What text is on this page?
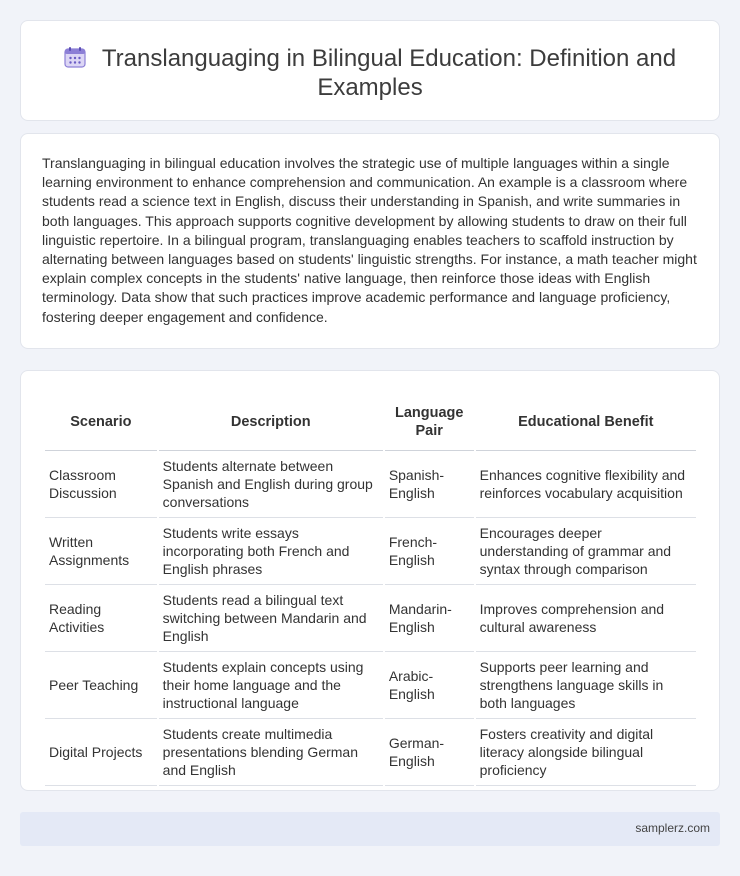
Translanguaging in Bilingual Education: Definition and Examples

Translanguaging in bilingual education involves the strategic use of multiple languages within a single learning environment to enhance comprehension and communication. An example is a classroom where students read a science text in English, discuss their understanding in Spanish, and write summaries in both languages. This approach supports cognitive development by allowing students to draw on their full linguistic repertoire. In a bilingual program, translanguaging enables teachers to scaffold instruction by alternating between languages based on students' linguistic strengths. For instance, a math teacher might explain complex concepts in the students' native language, then reinforce those ideas with English terminology. Data show that such practices improve academic performance and language proficiency, fostering deeper engagement and confidence.

Scenario	Description	Language Pair	Educational Benefit
Classroom Discussion	Students alternate between Spanish and English during group conversations	Spanish-English	Enhances cognitive flexibility and reinforces vocabulary acquisition
Written Assignments	Students write essays incorporating both French and English phrases	French-English	Encourages deeper understanding of grammar and syntax through comparison
Reading Activities	Students read a bilingual text switching between Mandarin and English	Mandarin-English	Improves comprehension and cultural awareness
Peer Teaching	Students explain concepts using their home language and the instructional language	Arabic-English	Supports peer learning and strengthens language skills in both languages
Digital Projects	Students create multimedia presentations blending German and English	German-English	Fosters creativity and digital literacy alongside bilingual proficiency
samplerz.com
